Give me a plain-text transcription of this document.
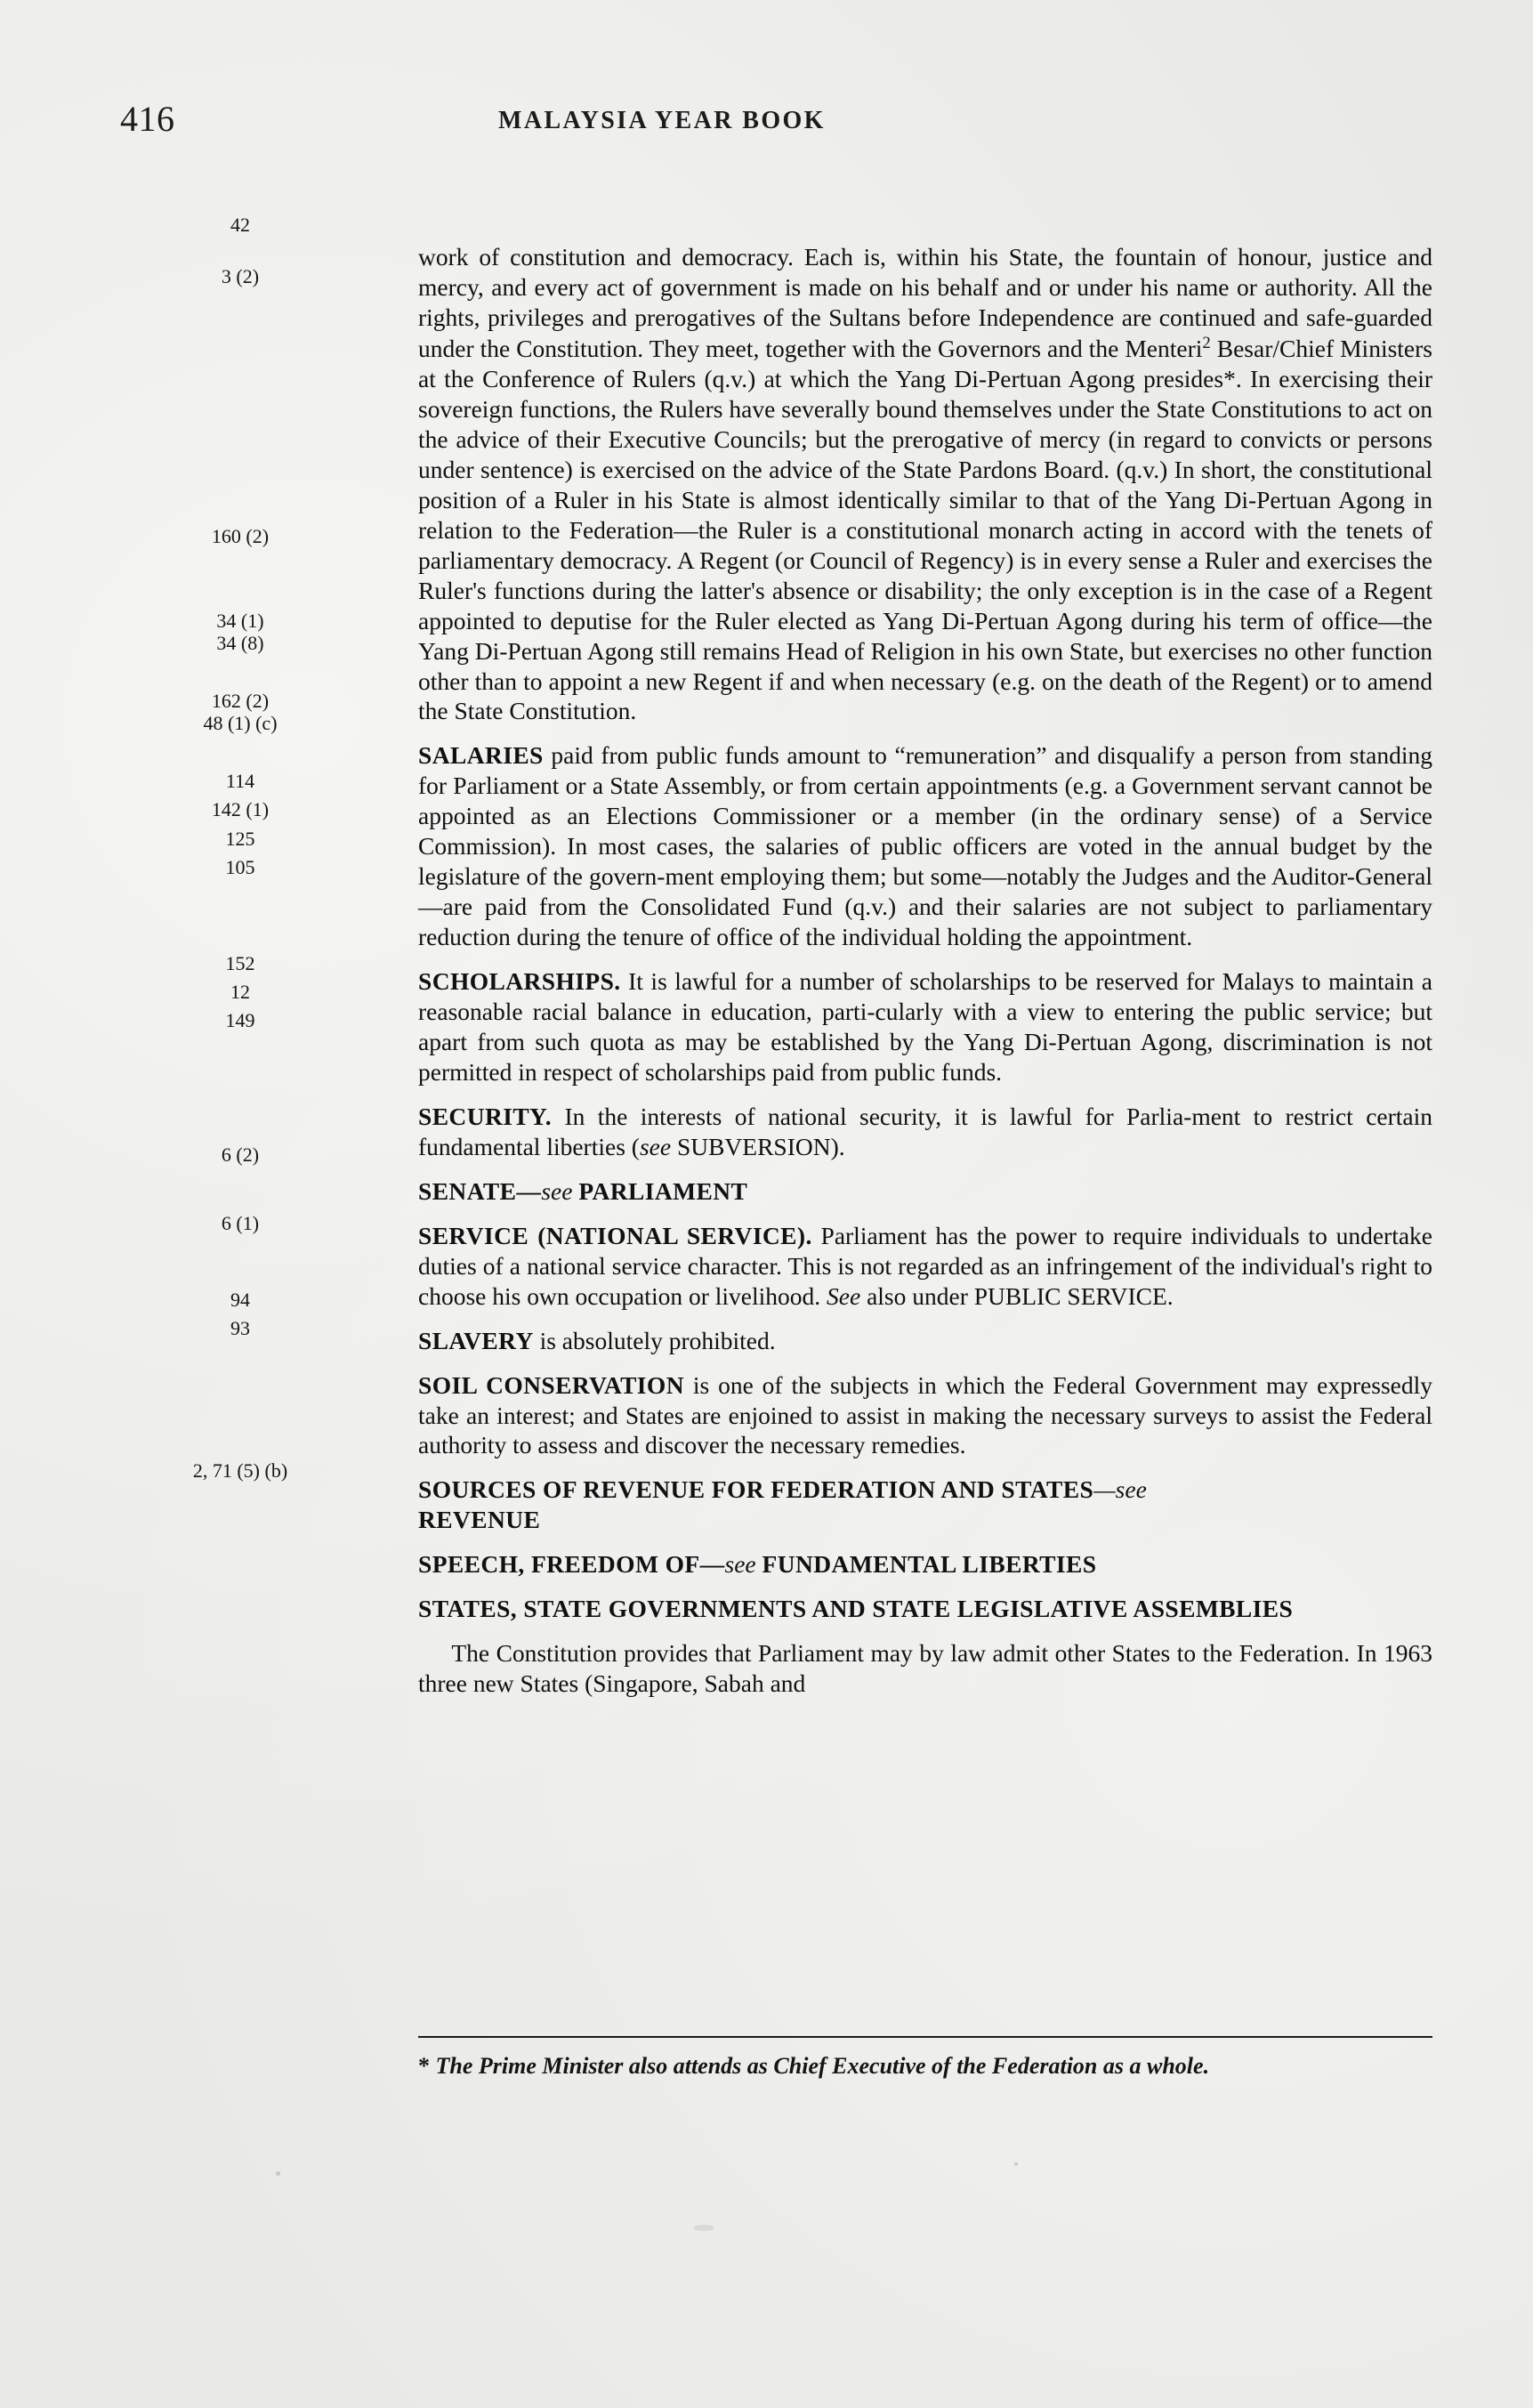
416	MALAYSIA YEAR BOOK
42
3 (2)
160 (2)
34 (1)
34 (8)
162 (2)
48 (1) (c)
114
142 (1)
125
105
152
12
149
6 (2)
6 (1)
94
93
2, 71 (5) (b)

work of constitution and democracy. Each is, within his State, the fountain of honour, justice and mercy, and every act of government is made on his behalf and or under his name or authority. All the rights, privileges and prerogatives of the Sultans before Independence are continued and safe-guarded under the Constitution. They meet, together with the Governors and the Menteri$^2$ Besar/Chief Ministers at the Conference of Rulers (q.v.) at which the Yang Di-Pertuan Agong presides*. In exercising their sovereign functions, the Rulers have severally bound themselves under the State Constitutions to act on the advice of their Executive Councils; but the prerogative of mercy (in regard to convicts or persons under sentence) is exercised on the advice of the State Pardons Board. (q.v.) In short, the constitutional position of a Ruler in his State is almost identically similar to that of the Yang Di-Pertuan Agong in relation to the Federation—the Ruler is a constitutional monarch acting in accord with the tenets of parliamentary democracy. A Regent (or Council of Regency) is in every sense a Ruler and exercises the Ruler's functions during the latter's absence or disability; the only exception is in the case of a Regent appointed to deputise for the Ruler elected as Yang Di-Pertuan Agong during his term of office—the Yang Di-Pertuan Agong still remains Head of Religion in his own State, but exercises no other function other than to appoint a new Regent if and when necessary (e.g. on the death of the Regent) or to amend the State Constitution.

SALARIES paid from public funds amount to “remuneration” and disqualify a person from standing for Parliament or a State Assembly, or from certain appointments (e.g. a Government servant cannot be appointed as an Elections Commissioner or a member (in the ordinary sense) of a Service Commission). In most cases, the salaries of public officers are voted in the annual budget by the legislature of the govern-ment employing them; but some—notably the Judges and the Auditor-General—are paid from the Consolidated Fund (q.v.) and their salaries are not subject to parliamentary reduction during the tenure of office of the individual holding the appointment.

SCHOLARSHIPS. It is lawful for a number of scholarships to be reserved for Malays to maintain a reasonable racial balance in education, parti-cularly with a view to entering the public service; but apart from such quota as may be established by the Yang Di-Pertuan Agong, discrimination is not permitted in respect of scholarships paid from public funds.

SECURITY. In the interests of national security, it is lawful for Parlia-ment to restrict certain fundamental liberties (see SUBVERSION).

SENATE—see PARLIAMENT

SERVICE (NATIONAL SERVICE). Parliament has the power to require individuals to undertake duties of a national service character. This is not regarded as an infringement of the individual's right to choose his own occupation or livelihood. See also under PUBLIC SERVICE.

SLAVERY is absolutely prohibited.

SOIL CONSERVATION is one of the subjects in which the Federal Government may expressedly take an interest; and States are enjoined to assist in making the necessary surveys to assist the Federal authority to assess and discover the necessary remedies.

SOURCES OF REVENUE FOR FEDERATION AND STATES—see
REVENUE

SPEECH, FREEDOM OF—see FUNDAMENTAL LIBERTIES

STATES, STATE GOVERNMENTS AND STATE LEGISLATIVE ASSEMBLIES

The Constitution provides that Parliament may by law admit other States to the Federation. In 1963 three new States (Singapore, Sabah and

* The Prime Minister also attends as Chief Executive of the Federation as a whole.
